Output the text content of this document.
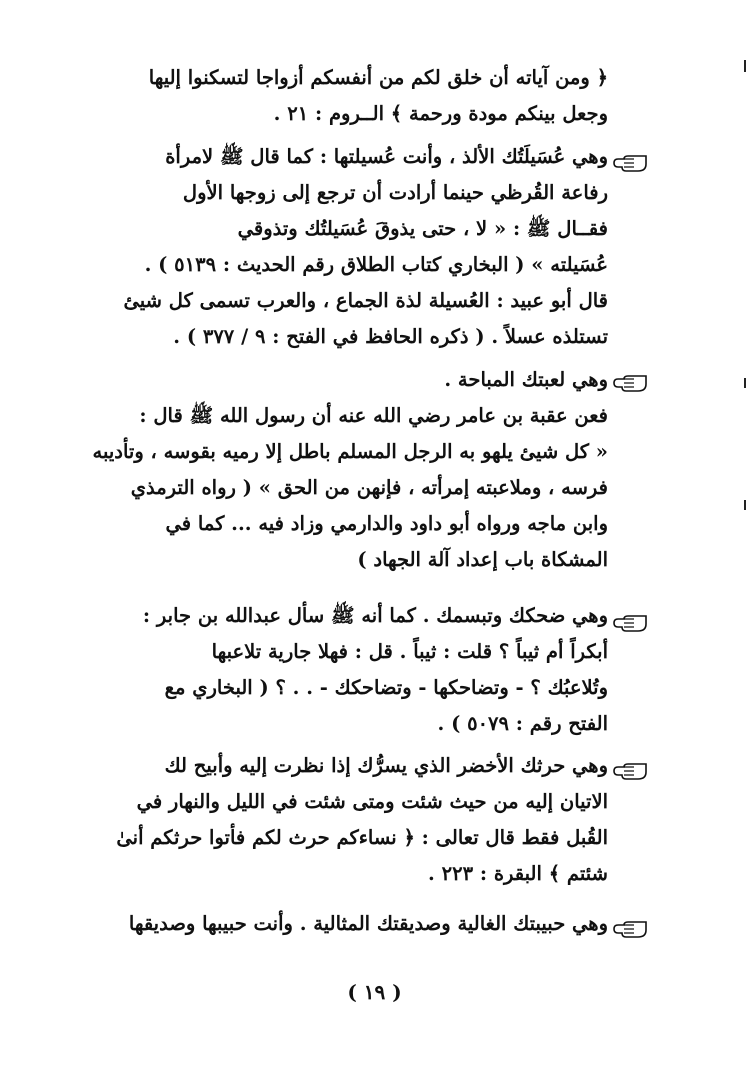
﴿ ومن آياته أن خلق لكم من أنفسكم أزواجا لتسكنوا إليها
وجعل بينكم مودة ورحمة ﴾ الــروم : ٢١ .
وهي عُسَيلَتُك الألذ ، وأنت عُسيلتها : كما قال ﷺ لامرأة
رفاعة القُرظي حينما أرادت أن ترجع إلى زوجها الأول
فقــال ﷺ : « لا ، حتى يذوقَ عُسَيلتُك وتذوقي
عُسَيلته » ( البخاري كتاب الطلاق رقم الحديث : ٥١٣٩ ) .
قال أبو عبيد : العُسيلة لذة الجماع ، والعرب تسمى كل شيئ
تستلذه عسلاً . ( ذكره الحافظ في الفتح : ٩ / ٣٧٧ ) .
وهي لعبتك المباحة .
فعن عقبة بن عامر رضي الله عنه أن رسول الله ﷺ قال :
« كل شيئ يلهو به الرجل المسلم باطل إلا رميه بقوسه ، وتأديبه
فرسه ، وملاعبته إمرأته ، فإنهن من الحق » ( رواه الترمذي
وابن ماجه ورواه أبو داود والدارمي وزاد فيه ... كما في
المشكاة باب إعداد آلة الجهاد )
وهي ضحكك وتبسمك . كما أنه ﷺ سأل عبدالله بن جابر :
أبكراً أم ثيباً ؟ قلت : ثيباً . قل : فهلا جارية تلاعبها
وتُلاعبُك ؟ - وتضاحكها - وتضاحكك - . . ؟ ( البخاري مع
الفتح رقم : ٥٠٧٩ ) .
وهي حرثك الأخضر الذي يسرُّك إذا نظرت إليه وأبيح لك
الاتيان إليه من حيث شئت ومتى شئت في الليل والنهار في
القُبل فقط قال تعالى : ﴿ نساءكم حرث لكم فأتوا حرثكم أنىٰ
شئتم ﴾ البقرة : ٢٢٣ .
وهي حبيبتك الغالية وصديقتك المثالية . وأنت حبيبها وصديقها
( ١٩ )
